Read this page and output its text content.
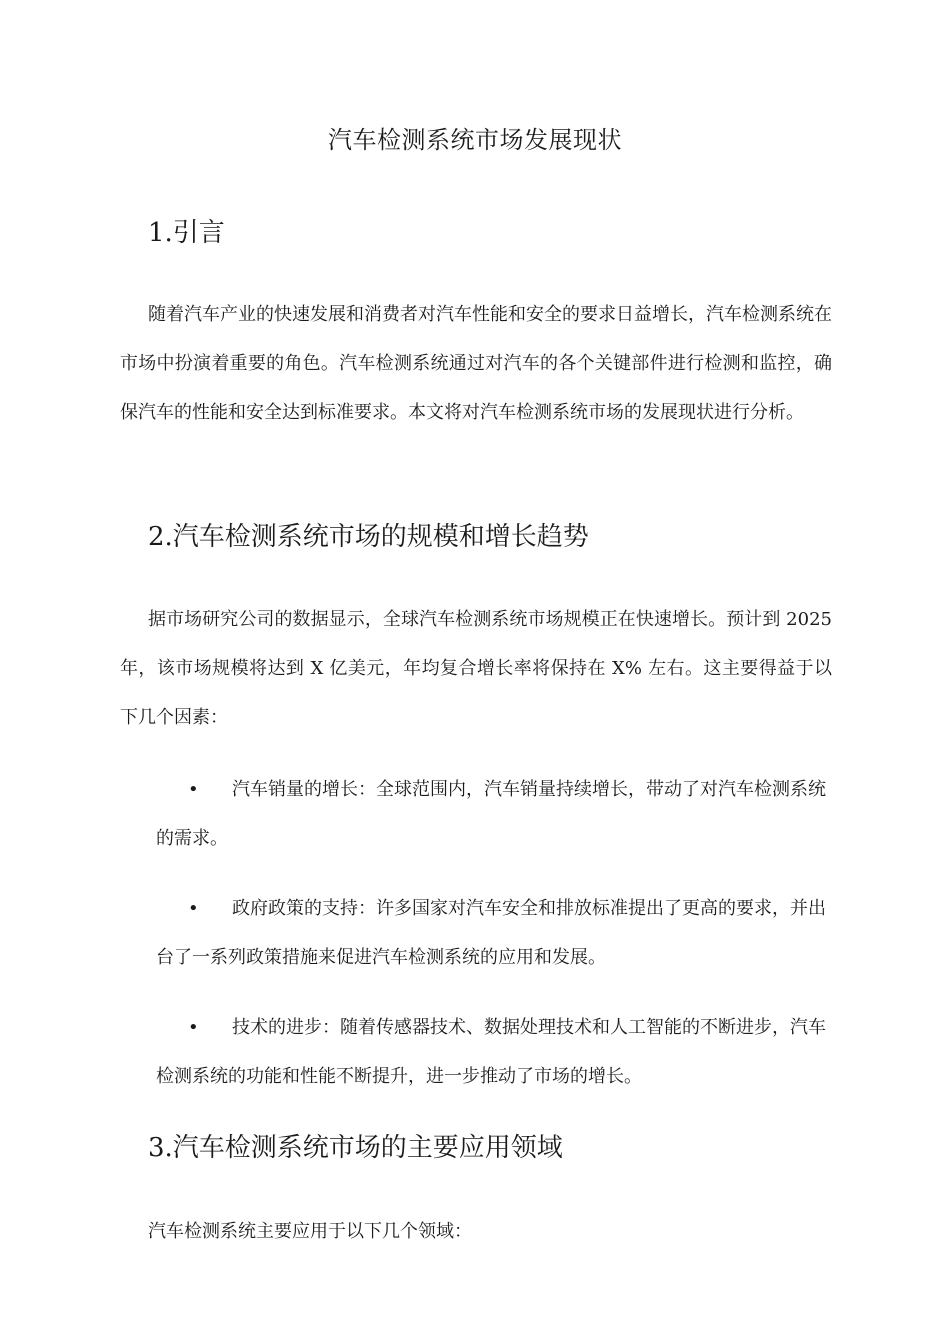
汽车检测系统市场发展现状
1.引言

随着汽车产业的快速发展和消费者对汽车性能和安全的要求日益增长，汽车检测系统在市场中扮演着重要的角色。汽车检测系统通过对汽车的各个关键部件进行检测和监控，确保汽车的性能和安全达到标准要求。本文将对汽车检测系统市场的发展现状进行分析。

2.汽车检测系统市场的规模和增长趋势

据市场研究公司的数据显示，全球汽车检测系统市场规模正在快速增长。预计到 2025 年，该市场规模将达到 X 亿美元，年均复合增长率将保持在 X% 左右。这主要得益于以下几个因素：

• 汽车销量的增长：全球范围内，汽车销量持续增长，带动了对汽车检测系统的需求。

• 政府政策的支持：许多国家对汽车安全和排放标准提出了更高的要求，并出台了一系列政策措施来促进汽车检测系统的应用和发展。

• 技术的进步：随着传感器技术、数据处理技术和人工智能的不断进步，汽车检测系统的功能和性能不断提升，进一步推动了市场的增长。

3.汽车检测系统市场的主要应用领域

汽车检测系统主要应用于以下几个领域：
